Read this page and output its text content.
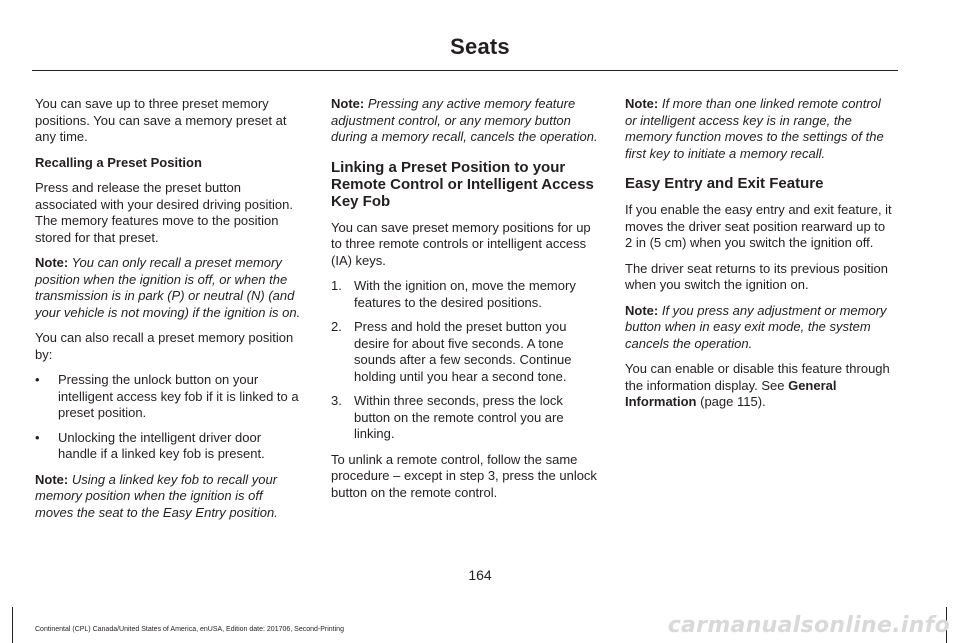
Seats

You can save up to three preset memory positions. You can save a memory preset at any time.

Recalling a Preset Position

Press and release the preset button associated with your desired driving position. The memory features move to the position stored for that preset.

Note: You can only recall a preset memory position when the ignition is off, or when the transmission is in park (P) or neutral (N) (and your vehicle is not moving) if the ignition is on.

You can also recall a preset memory position by:

• Pressing the unlock button on your intelligent access key fob if it is linked to a preset position.
• Unlocking the intelligent driver door handle if a linked key fob is present.

Note: Using a linked key fob to recall your memory position when the ignition is off moves the seat to the Easy Entry position.

Note: Pressing any active memory feature adjustment control, or any memory button during a memory recall, cancels the operation.

Linking a Preset Position to your Remote Control or Intelligent Access Key Fob

You can save preset memory positions for up to three remote controls or intelligent access (IA) keys.

1. With the ignition on, move the memory features to the desired positions.
2. Press and hold the preset button you desire for about five seconds. A tone sounds after a few seconds. Continue holding until you hear a second tone.
3. Within three seconds, press the lock button on the remote control you are linking.

To unlink a remote control, follow the same procedure – except in step 3, press the unlock button on the remote control.

Note: If more than one linked remote control or intelligent access key is in range, the memory function moves to the settings of the first key to initiate a memory recall.

Easy Entry and Exit Feature

If you enable the easy entry and exit feature, it moves the driver seat position rearward up to 2 in (5 cm) when you switch the ignition off.

The driver seat returns to its previous position when you switch the ignition on.

Note: If you press any adjustment or memory button when in easy exit mode, the system cancels the operation.

You can enable or disable this feature through the information display. See General Information (page 115).

164
Continental (CPL) Canada/United States of America, enUSA, Edition date: 201706, Second-Printing	carmanualsonline.info
